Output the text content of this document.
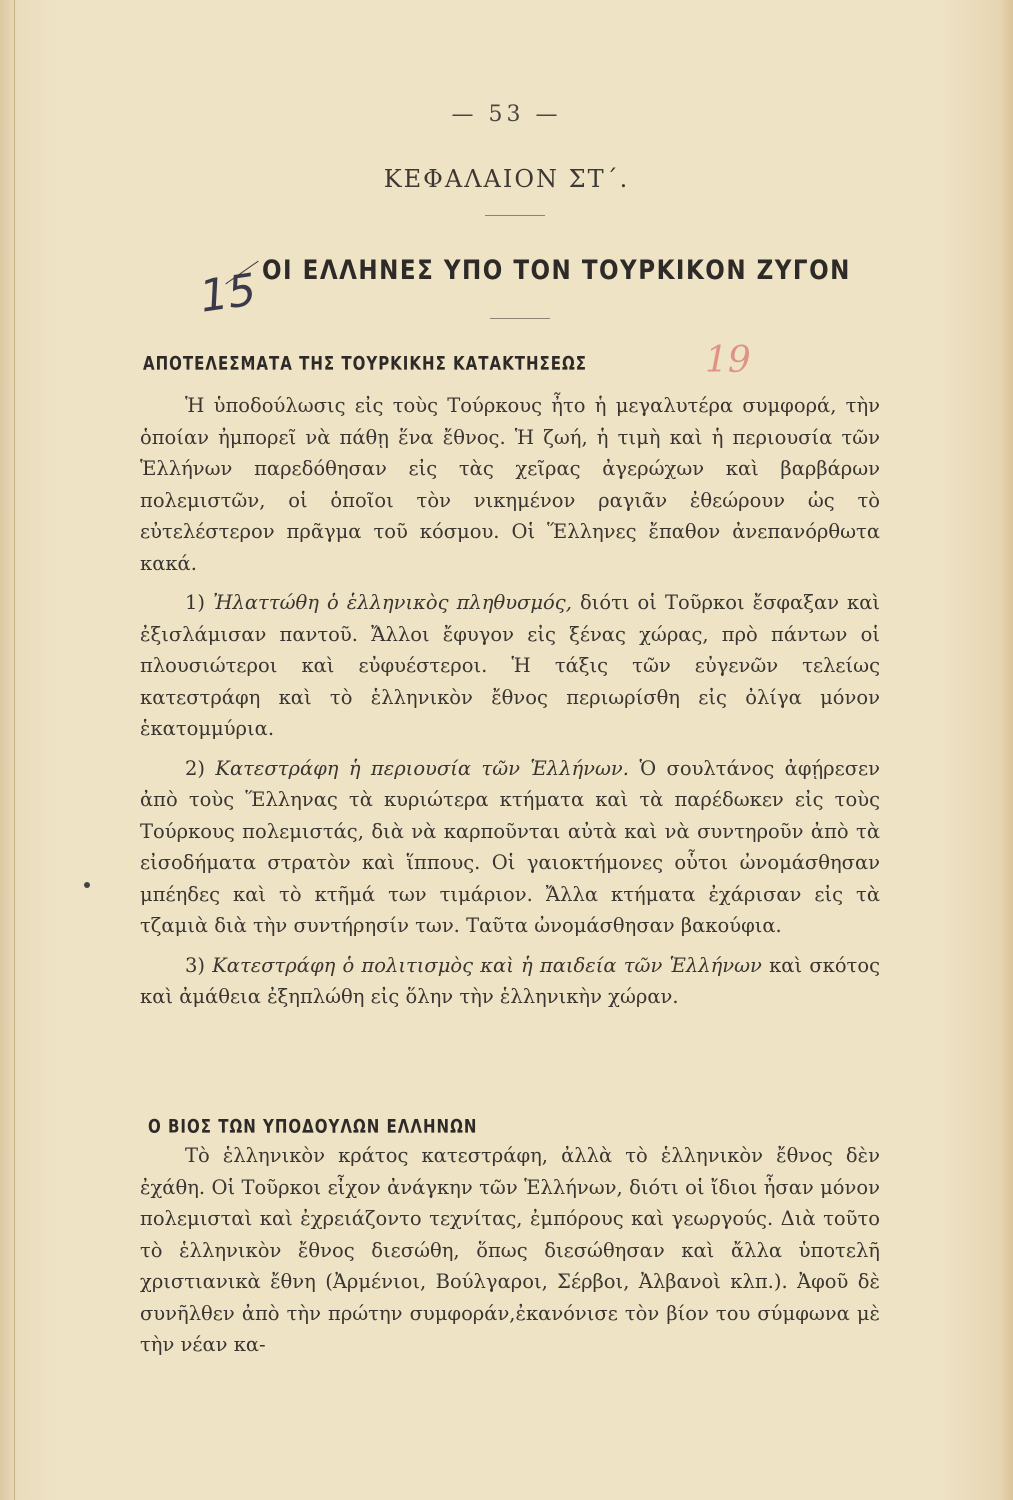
— 53 —
ΚΕΦΑΛΑΙΟΝ ΣΤ΄.
15 ΟΙ ΕΛΛΗΝΕΣ ΥΠΟ ΤΟΝ ΤΟΥΡΚΙΚΟΝ ΖΥΓΟΝ
ΑΠΟΤΕΛΕΣΜΑΤΑ ΤΗΣ ΤΟΥΡΚΙΚΗΣ ΚΑΤΑΚΤΗΣΕΩΣ	19

Ἡ ὑποδούλωσις εἰς τοὺς Τούρκους ἦτο ἡ μεγαλυτέρα συμφορά, τὴν ὁποίαν ἠμπορεῖ νὰ πάθῃ ἕνα ἔθνος. Ἡ ζωή, ἡ τιμὴ καὶ ἡ περιουσία τῶν Ἑλλήνων παρεδόθησαν εἰς τὰς χεῖρας ἀγερώχων καὶ βαρβάρων πολεμιστῶν, οἱ ὁποῖοι τὸν νικημένον ραγιᾶν ἐθεώρουν ὡς τὸ εὐτελέστερον πρᾶγμα τοῦ κόσμου. Οἱ Ἕλληνες ἔπαθον ἀνεπανόρθωτα κακά.

1) Ἠλαττώθη ὁ ἑλληνικὸς πληθυσμός, διότι οἱ Τοῦρκοι ἔσφαξαν καὶ ἐξισλάμισαν παντοῦ. Ἄλλοι ἔφυγον εἰς ξένας χώρας, πρὸ πάντων οἱ πλουσιώτεροι καὶ εὐφυέστεροι. Ἡ τάξις τῶν εὐγενῶν τελείως κατεστράφη καὶ τὸ ἑλληνικὸν ἔθνος περιωρίσθη εἰς ὀλίγα μόνον ἑκατομμύρια.

2) Κατεστράφη ἡ περιουσία τῶν Ἑλλήνων. Ὁ σουλτάνος ἀφῄρεσεν ἀπὸ τοὺς Ἕλληνας τὰ κυριώτερα κτήματα καὶ τὰ παρέδωκεν εἰς τοὺς Τούρκους πολεμιστάς, διὰ νὰ καρποῦνται αὐτὰ καὶ νὰ συντηροῦν ἀπὸ τὰ εἰσοδήματα στρατὸν καὶ ἵππους. Οἱ γαιοκτήμονες οὗτοι ὠνομάσθησαν μπέηδες καὶ τὸ κτῆμά των τιμάριον. Ἄλλα κτήματα ἐχάρισαν εἰς τὰ τζαμιὰ διὰ τὴν συντήρησίν των. Ταῦτα ὠνομάσθησαν βακούφια.

3) Κατεστράφη ὁ πολιτισμὸς καὶ ἡ παιδεία τῶν Ἑλλήνων καὶ σκότος καὶ ἀμάθεια ἐξηπλώθη εἰς ὅλην τὴν ἑλληνικὴν χώραν.

Ο ΒΙΟΣ ΤΩΝ ΥΠΟΔΟΥΛΩΝ ΕΛΛΗΝΩΝ

Τὸ ἑλληνικὸν κράτος κατεστράφη, ἀλλὰ τὸ ἑλληνικὸν ἔθνος δὲν ἐχάθη. Οἱ Τοῦρκοι εἶχον ἀνάγκην τῶν Ἑλλήνων, διότι οἱ ἴδιοι ἦσαν μόνον πολεμισταὶ καὶ ἐχρειάζοντο τεχνίτας, ἐμπόρους καὶ γεωργούς. Διὰ τοῦτο τὸ ἑλληνικὸν ἔθνος διεσώθη, ὅπως διεσώθησαν καὶ ἄλλα ὑποτελῆ χριστιανικὰ ἔθνη (Ἀρμένιοι, Βούλγαροι, Σέρβοι, Ἀλβανοὶ κλπ.). Ἀφοῦ δὲ συνῆλθεν ἀπὸ τὴν πρώτην συμφοράν,ἐκανόνισε τὸν βίον του σύμφωνα μὲ τὴν νέαν κα-
